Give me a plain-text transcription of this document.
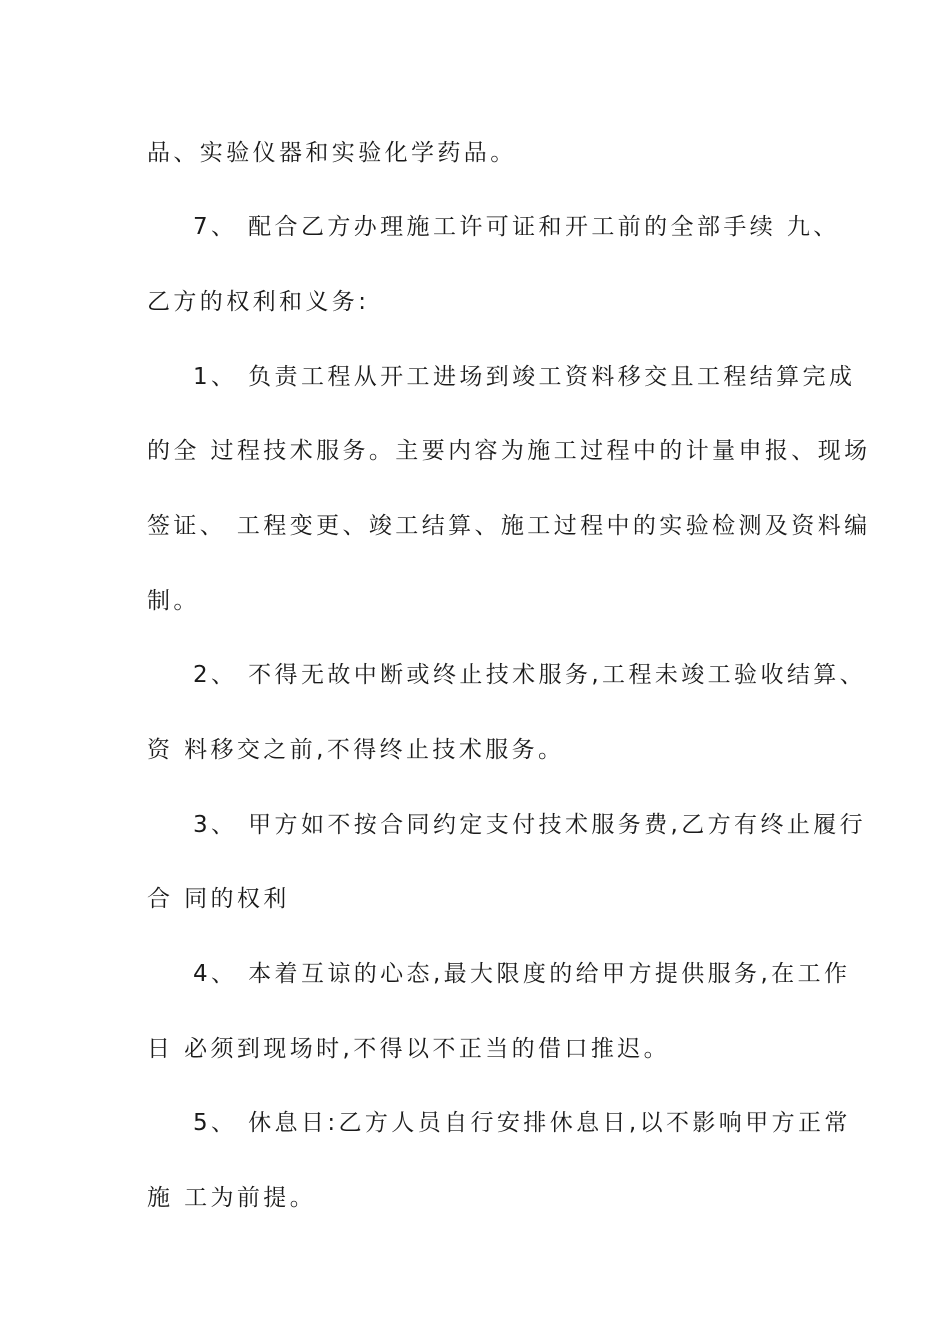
品、实验仪器和实验化学药品。
7、 配合乙方办理施工许可证和开工前的全部手续 九、
乙方的权利和义务:
1、 负责工程从开工进场到竣工资料移交且工程结算完成
的全 过程技术服务。主要内容为施工过程中的计量申报、现场
签证、 工程变更、竣工结算、施工过程中的实验检测及资料编
制。
2、 不得无故中断或终止技术服务,工程未竣工验收结算、
资 料移交之前,不得终止技术服务。
3、 甲方如不按合同约定支付技术服务费,乙方有终止履行
合 同的权利
4、 本着互谅的心态,最大限度的给甲方提供服务,在工作
日 必须到现场时,不得以不正当的借口推迟。
5、 休息日:乙方人员自行安排休息日,以不影响甲方正常
施 工为前提。
